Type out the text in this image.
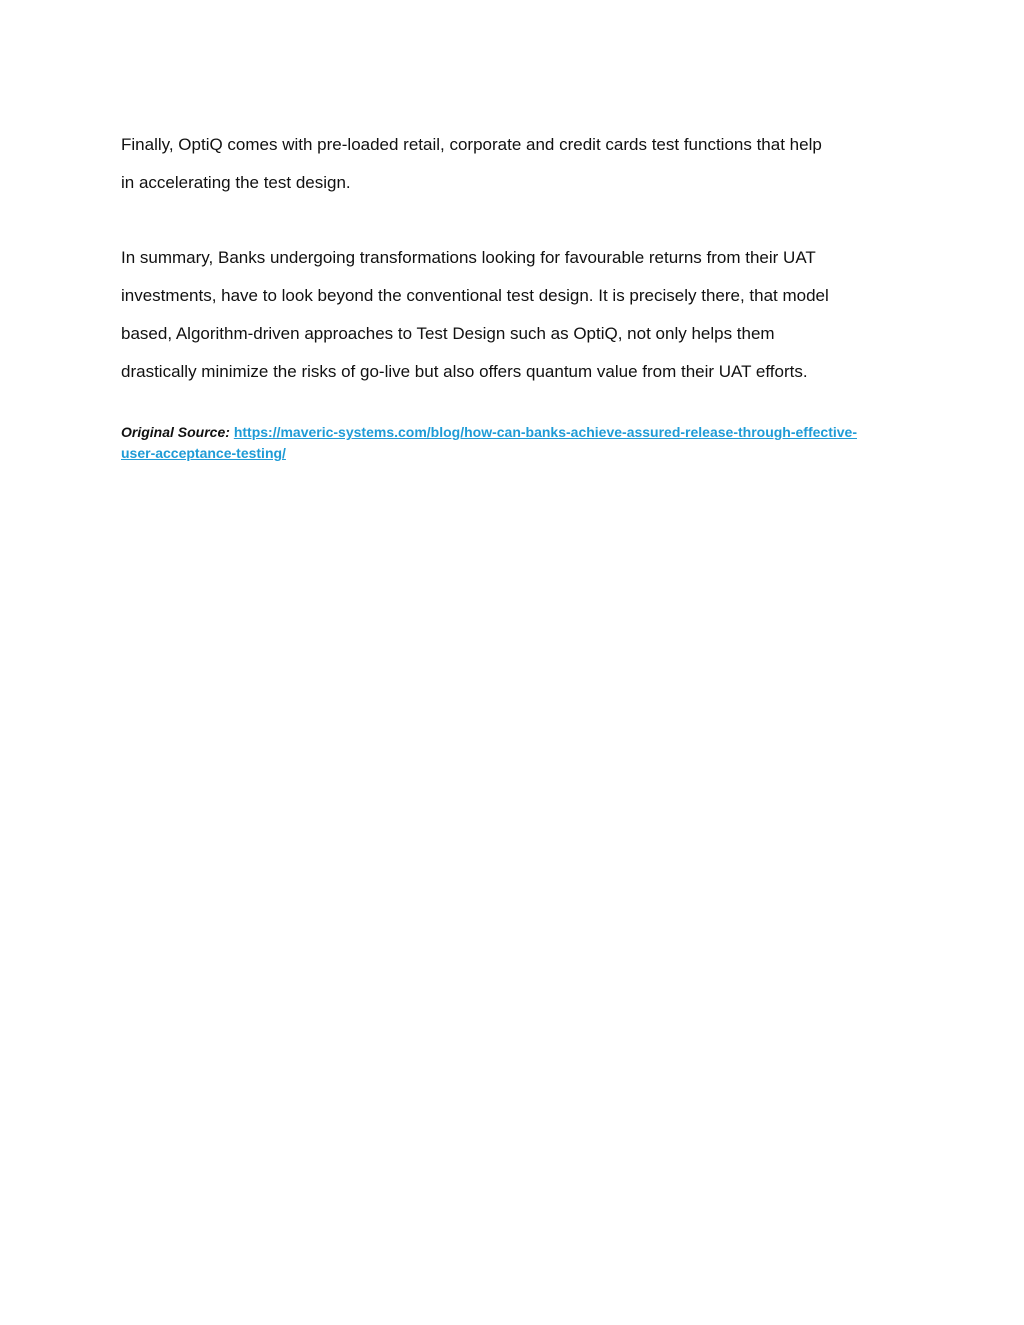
Finally, OptiQ comes with pre-loaded retail, corporate and credit cards test functions that help
in accelerating the test design.

In summary, Banks undergoing transformations looking for favourable returns from their UAT
investments, have to look beyond the conventional test design. It is precisely there, that model
based, Algorithm-driven approaches to Test Design such as OptiQ, not only helps them
drastically minimize the risks of go-live but also offers quantum value from their UAT efforts.

Original Source: https://maveric-systems.com/blog/how-can-banks-achieve-assured-release-through-effective-
user-acceptance-testing/
